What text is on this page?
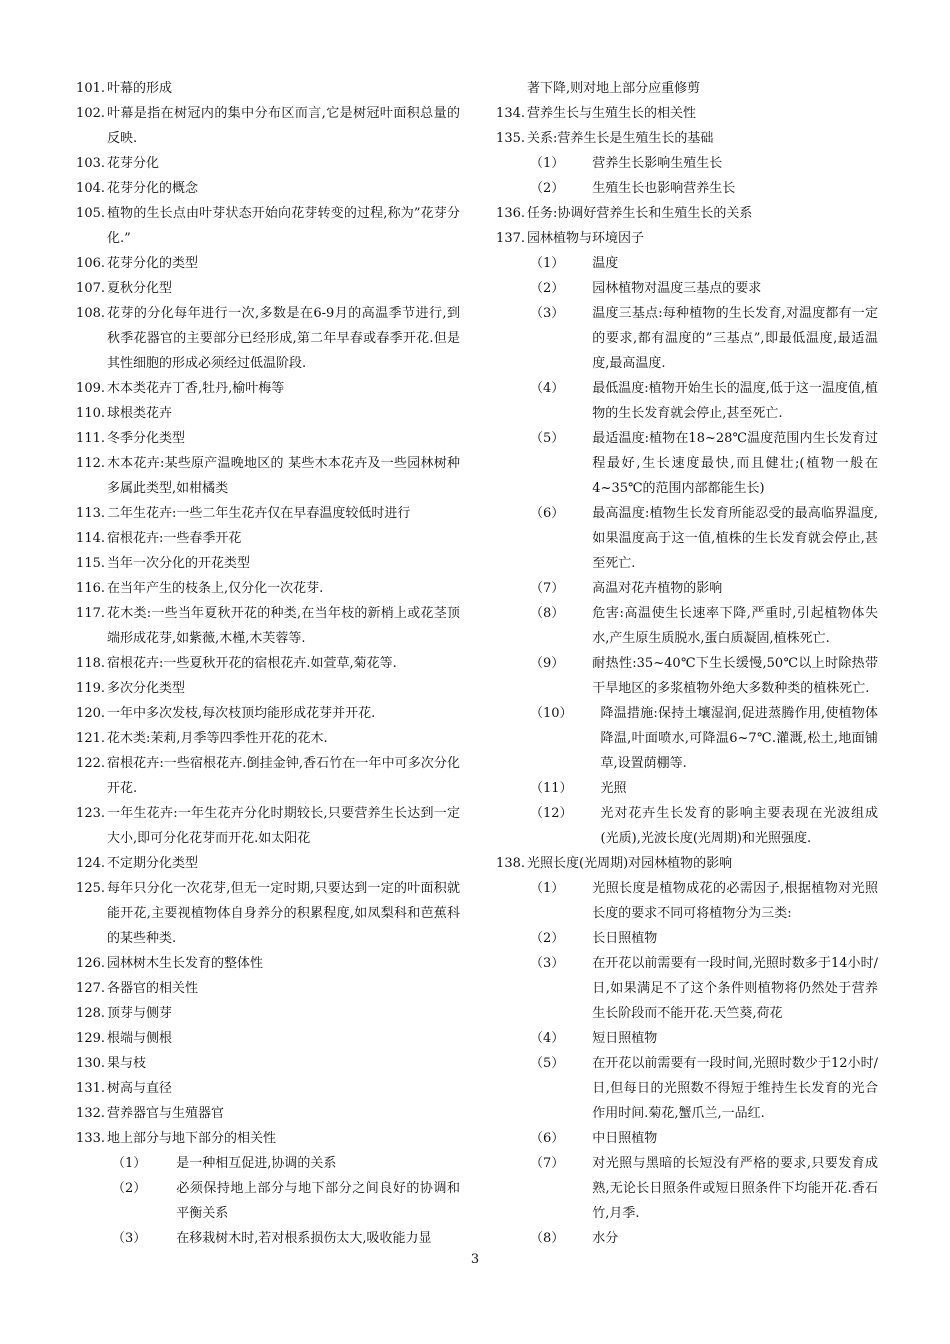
101. 叶幕的形成
102. 叶幕是指在树冠内的集中分布区而言,它是树冠叶面积总量的反映.
103. 花芽分化
104. 花芽分化的概念
105. 植物的生长点由叶芽状态开始向花芽转变的过程,称为”花芽分化.”
106. 花芽分化的类型
107. 夏秋分化型
108. 花芽的分化每年进行一次,多数是在6-9月的高温季节进行,到秋季花器官的主要部分已经形成,第二年早春或春季开花.但是其性细胞的形成必须经过低温阶段.
109. 木本类花卉丁香,牡丹,榆叶梅等
110. 球根类花卉
111. 冬季分化类型
112. 木本花卉:某些原产温晚地区的 某些木本花卉及一些园林树种多属此类型,如柑橘类
113. 二年生花卉:一些二年生花卉仅在早春温度较低时进行
114. 宿根花卉:一些春季开花
115. 当年一次分化的开花类型
116. 在当年产生的枝条上,仅分化一次花芽.
117. 花木类:一些当年夏秋开花的种类,在当年枝的新梢上或花茎顶端形成花芽,如紫薇,木槿,木芙蓉等.
118. 宿根花卉:一些夏秋开花的宿根花卉.如萱草,菊花等.
119. 多次分化类型
120. 一年中多次发枝,每次枝顶均能形成花芽并开花.
121. 花木类:茉莉,月季等四季性开花的花木.
122. 宿根花卉:一些宿根花卉.倒挂金钟,香石竹在一年中可多次分化开花.
123. 一年生花卉:一年生花卉分化时期较长,只要营养生长达到一定大小,即可分化花芽而开花.如太阳花
124. 不定期分化类型
125. 每年只分化一次花芽,但无一定时期,只要达到一定的叶面积就能开花,主要视植物体自身养分的积累程度,如凤梨科和芭蕉科的某些种类.
126. 园林树木生长发育的整体性
127. 各器官的相关性
128. 顶芽与侧芽
129. 根端与侧根
130. 果与枝
131. 树高与直径
132. 营养器官与生殖器官
133. 地上部分与地下部分的相关性
（1）	是一种相互促进,协调的关系
（2）	必须保持地上部分与地下部分之间良好的协调和平衡关系
（3）	在移栽树木时,若对根系损伤太大,吸收能力显
著下降,则对地上部分应重修剪
134. 营养生长与生殖生长的相关性
135. 关系:营养生长是生殖生长的基础
（1）	营养生长影响生殖生长
（2）	生殖生长也影响营养生长
136. 任务:协调好营养生长和生殖生长的关系
137. 园林植物与环境因子
（1）	温度
（2）	园林植物对温度三基点的要求
（3）	温度三基点:每种植物的生长发育,对温度都有一定的要求,都有温度的”三基点”,即最低温度,最适温度,最高温度.
（4）	最低温度:植物开始生长的温度,低于这一温度值,植物的生长发育就会停止,甚至死亡.
（5）	最适温度:植物在18~28℃温度范围内生长发育过程最好,生长速度最快,而且健壮;(植物一般在4~35℃的范围内部都能生长)
（6）	最高温度:植物生长发育所能忍受的最高临界温度,如果温度高于这一值,植株的生长发育就会停止,甚至死亡.
（7）	高温对花卉植物的影响
（8）	危害:高温使生长速率下降,严重时,引起植物体失水,产生原生质脱水,蛋白质凝固,植株死亡.
（9）	耐热性:35~40℃下生长缓慢,50℃以上时除热带干旱地区的多浆植物外绝大多数种类的植株死亡.
（10）	降温措施:保持土壤湿润,促进蒸腾作用,使植物体降温,叶面喷水,可降温6~7℃.灌溉,松土,地面铺草,设置荫棚等.
（11）	光照
（12）	光对花卉生长发育的影响主要表现在光波组成(光质),光波长度(光周期)和光照强度.
138. 光照长度(光周期)对园林植物的影响
（1）	光照长度是植物成花的必需因子,根据植物对光照长度的要求不同可将植物分为三类:
（2）	长日照植物
（3）	在开花以前需要有一段时间,光照时数多于14小时/日,如果满足不了这个条件则植物将仍然处于营养生长阶段而不能开花.天竺葵,荷花
（4）	短日照植物
（5）	在开花以前需要有一段时间,光照时数少于12小时/日,但每日的光照数不得短于维持生长发育的光合作用时间.菊花,蟹爪兰,一品红.
（6）	中日照植物
（7）	对光照与黑暗的长短没有严格的要求,只要发育成熟,无论长日照条件或短日照条件下均能开花.香石竹,月季.
（8）	水分
3
